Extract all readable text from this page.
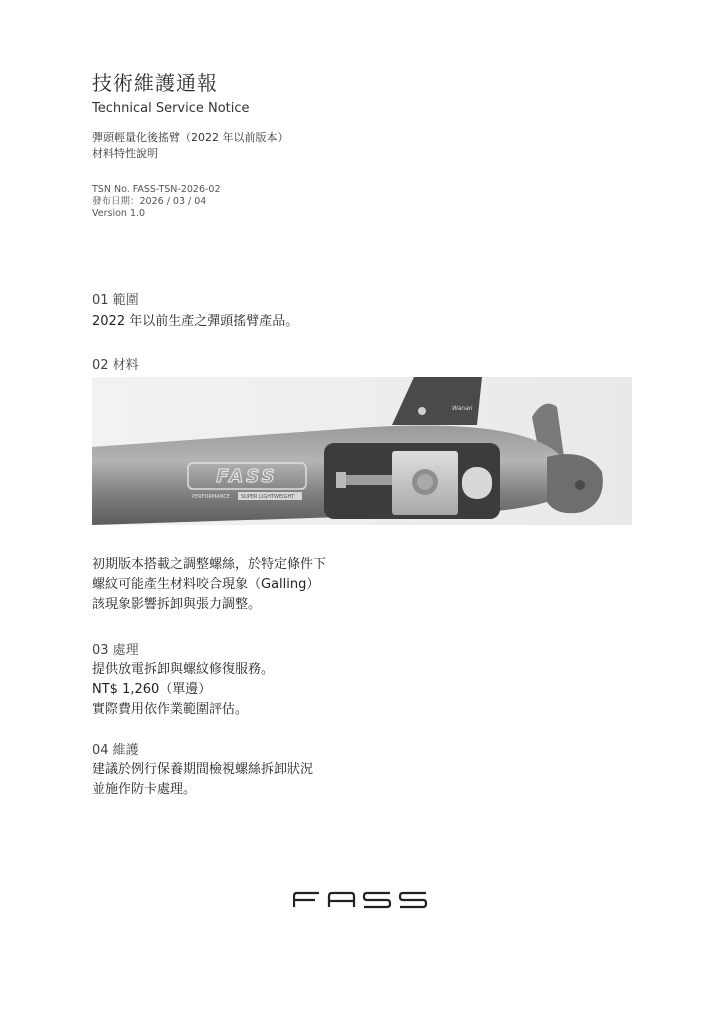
技術維護通報
Technical Service Notice
彈頭輕量化後搖臂（2022 年以前版本）
材料特性說明
TSN No. FASS-TSN-2026-02
發布日期：2026 / 03 / 04
Version 1.0
01 範圍
2022 年以前生產之彈頭搖臂產品。
02 材料
Wanan
FASS
PERFORMANCE SUPER LIGHTWEIGHT
初期版本搭載之調整螺絲，於特定條件下
螺紋可能產生材料咬合現象（Galling）
該現象影響拆卸與張力調整。
03 處理
提供放電拆卸與螺紋修復服務。
NT$ 1,260（單邊）
實際費用依作業範圍評估。
04 維護
建議於例行保養期間檢視螺絲拆卸狀況
並施作防卡處理。
